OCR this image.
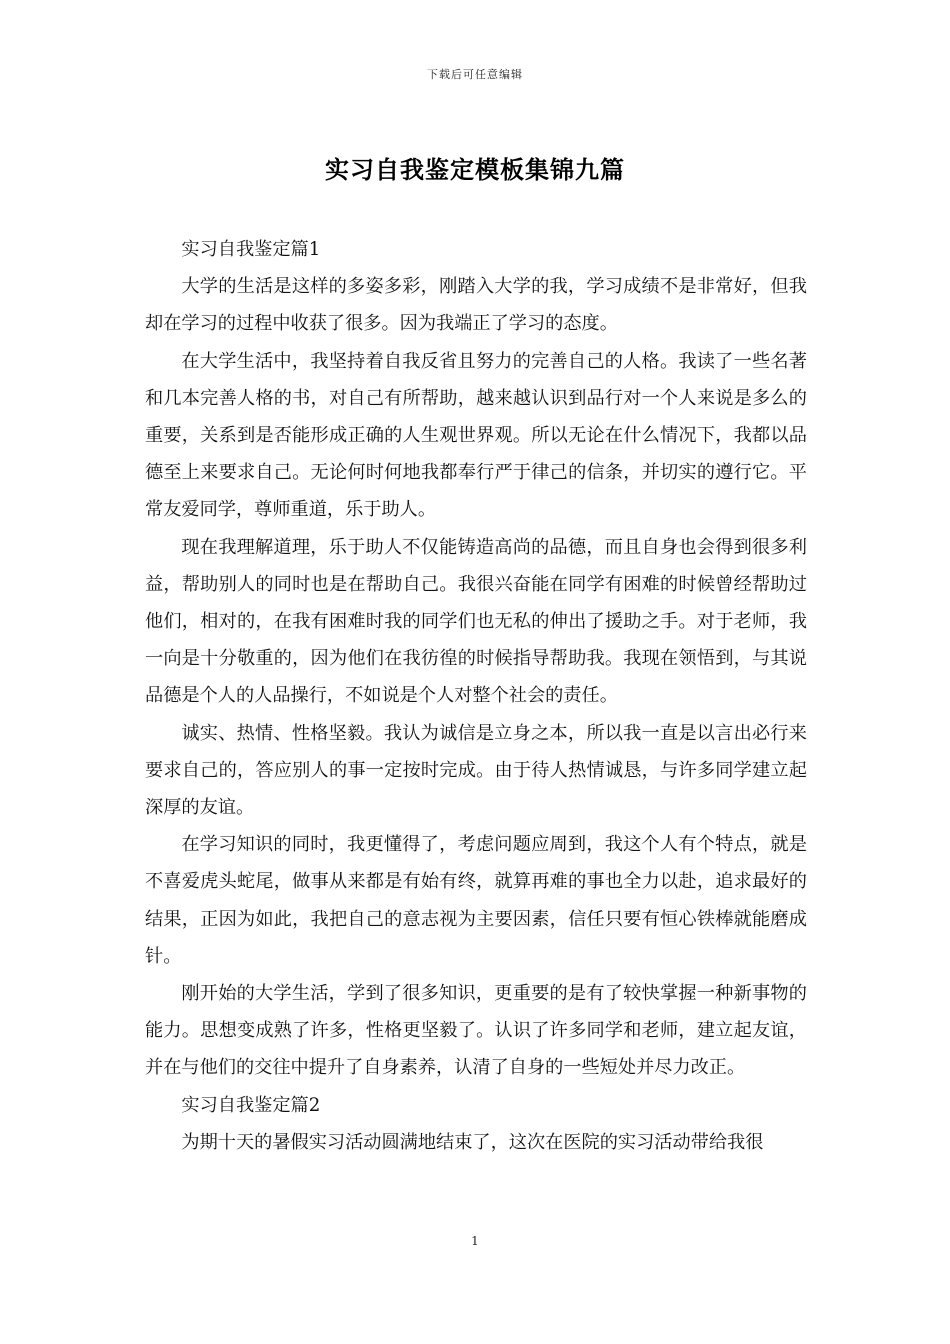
下载后可任意编辑
实习自我鉴定模板集锦九篇

实习自我鉴定篇1

大学的生活是这样的多姿多彩，刚踏入大学的我，学习成绩不是非常好，但我却在学习的过程中收获了很多。因为我端正了学习的态度。

在大学生活中，我坚持着自我反省且努力的完善自己的人格。我读了一些名著和几本完善人格的书，对自己有所帮助，越来越认识到品行对一个人来说是多么的重要，关系到是否能形成正确的人生观世界观。所以无论在什么情况下，我都以品德至上来要求自己。无论何时何地我都奉行严于律己的信条，并切实的遵行它。平常友爱同学，尊师重道，乐于助人。

现在我理解道理，乐于助人不仅能铸造高尚的品德，而且自身也会得到很多利益，帮助别人的同时也是在帮助自己。我很兴奋能在同学有困难的时候曾经帮助过他们，相对的，在我有困难时我的同学们也无私的伸出了援助之手。对于老师，我一向是十分敬重的，因为他们在我彷徨的时候指导帮助我。我现在领悟到，与其说品德是个人的人品操行，不如说是个人对整个社会的责任。

诚实、热情、性格坚毅。我认为诚信是立身之本，所以我一直是以言出必行来要求自己的，答应别人的事一定按时完成。由于待人热情诚恳，与许多同学建立起深厚的友谊。

在学习知识的同时，我更懂得了，考虑问题应周到，我这个人有个特点，就是不喜爱虎头蛇尾，做事从来都是有始有终，就算再难的事也全力以赴，追求最好的结果，正因为如此，我把自己的意志视为主要因素，信任只要有恒心铁棒就能磨成针。

刚开始的大学生活，学到了很多知识，更重要的是有了较快掌握一种新事物的能力。思想变成熟了许多，性格更坚毅了。认识了许多同学和老师，建立起友谊，并在与他们的交往中提升了自身素养，认清了自身的一些短处并尽力改正。

实习自我鉴定篇2

为期十天的暑假实习活动圆满地结束了，这次在医院的实习活动带给我很

1
